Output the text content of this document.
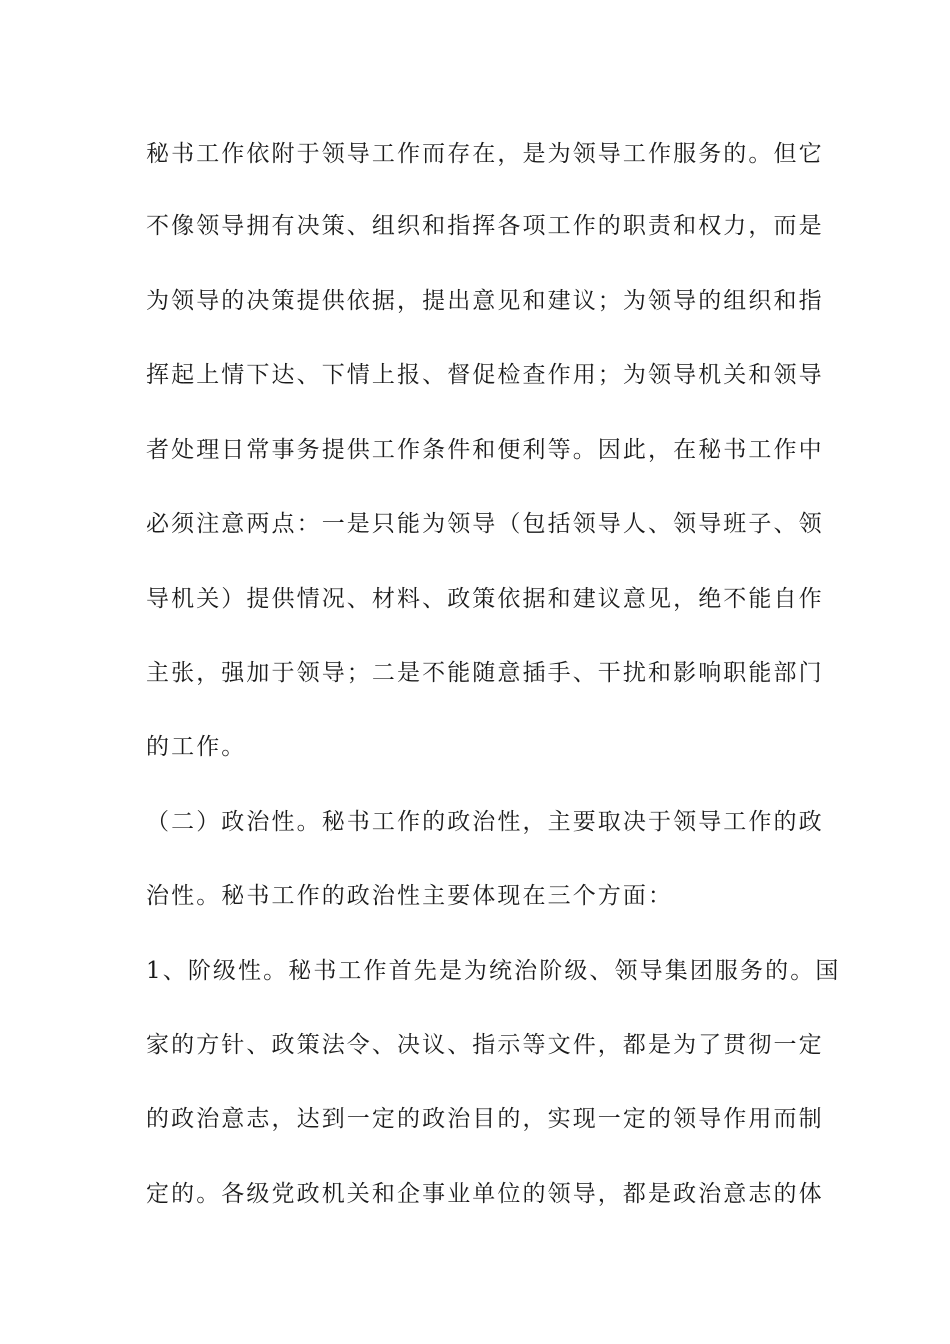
秘书工作依附于领导工作而存在，是为领导工作服务的。但它
不像领导拥有决策、组织和指挥各项工作的职责和权力，而是
为领导的决策提供依据，提出意见和建议；为领导的组织和指
挥起上情下达、下情上报、督促检查作用；为领导机关和领导
者处理日常事务提供工作条件和便利等。因此，在秘书工作中
必须注意两点：一是只能为领导（包括领导人、领导班子、领
导机关）提供情况、材料、政策依据和建议意见，绝不能自作
主张，强加于领导；二是不能随意插手、干扰和影响职能部门
的工作。
（二）政治性。秘书工作的政治性，主要取决于领导工作的政
治性。秘书工作的政治性主要体现在三个方面：
1、阶级性。秘书工作首先是为统治阶级、领导集团服务的。国
家的方针、政策法令、决议、指示等文件，都是为了贯彻一定
的政治意志，达到一定的政治目的，实现一定的领导作用而制
定的。各级党政机关和企事业单位的领导，都是政治意志的体
